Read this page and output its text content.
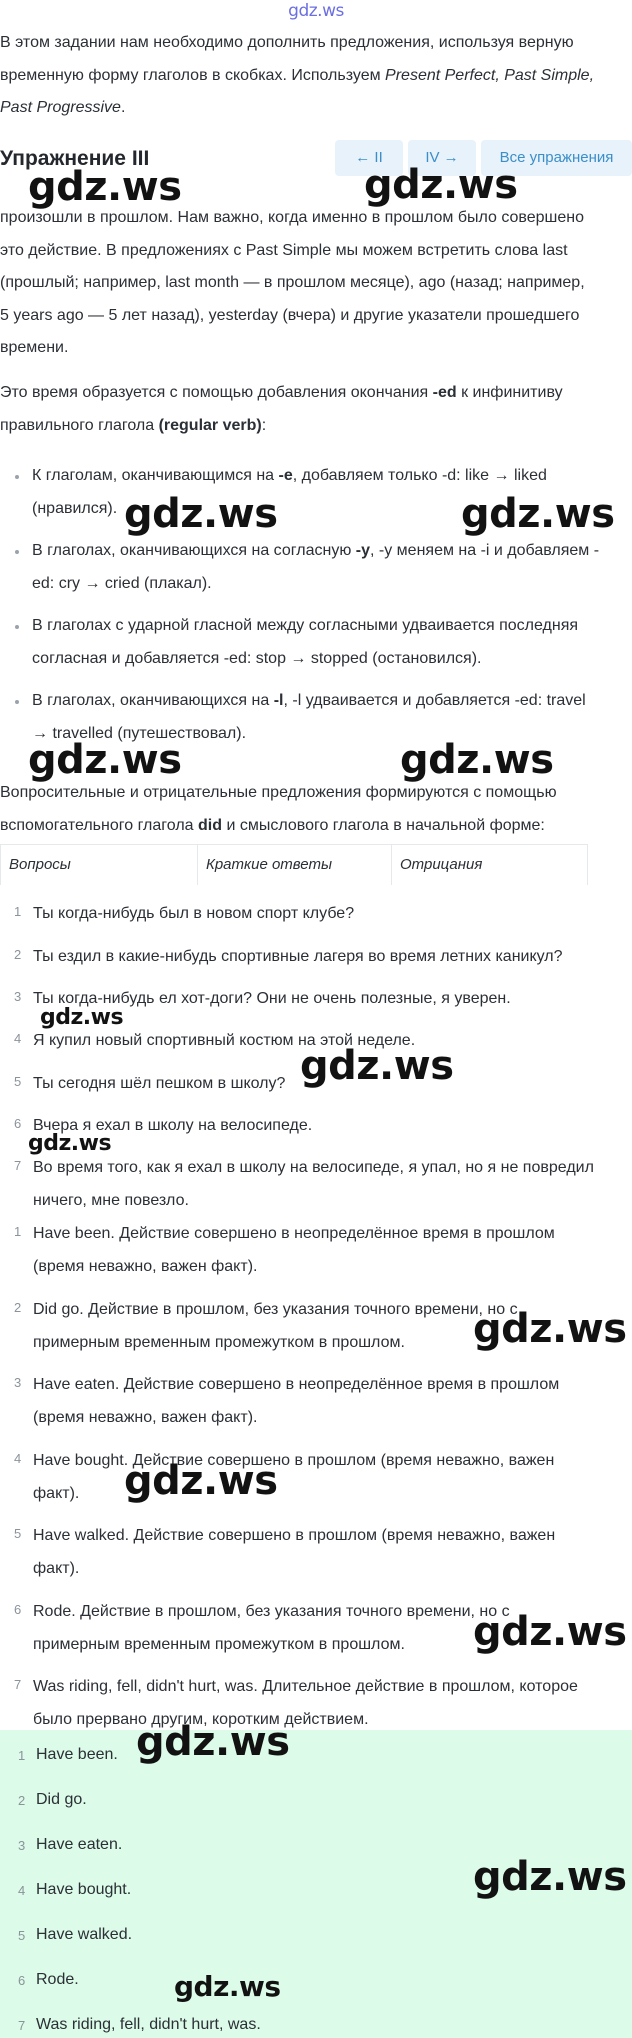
gdz.ws
В этом задании нам необходимо дополнить предложения, используя верную
временную форму глаголов в скобках. Используем Present Perfect, Past Simple,
Past Progressive.
Упражнение III	← II	IV →	Все упражнения
произошли в прошлом. Нам важно, когда именно в прошлом было совершено
это действие. В предложениях с Past Simple мы можем встретить слова last
(прошлый; например, last month — в прошлом месяце), ago (назад; например,
5 years ago — 5 лет назад), yesterday (вчера) и другие указатели прошедшего
времени.
Это время образуется с помощью добавления окончания -ed к инфинитиву
правильного глагола (regular verb):
К глаголам, оканчивающимся на -e, добавляем только -d: like → liked
(нравился).
В глаголах, оканчивающихся на согласную -y, -y меняем на -i и добавляем -
ed: cry → cried (плакал).
В глаголах с ударной гласной между согласными удваивается последняя
согласная и добавляется -ed: stop → stopped (остановился).
В глаголах, оканчивающихся на -l, -l удваивается и добавляется -ed: travel
→ travelled (путешествовал).
Вопросительные и отрицательные предложения формируются с помощью
вспомогательного глагола did и смыслового глагола в начальной форме:
Вопросы	Краткие ответы	Отрицания
1 Ты когда-нибудь был в новом спорт клубе?
2 Ты ездил в какие-нибудь спортивные лагеря во время летних каникул?
3 Ты когда-нибудь ел хот-доги? Они не очень полезные, я уверен.
4 Я купил новый спортивный костюм на этой неделе.
5 Ты сегодня шёл пешком в школу?
6 Вчера я ехал в школу на велосипеде.
7 Во время того, как я ехал в школу на велосипеде, я упал, но я не повредил
ничего, мне повезло.
1 Have been. Действие совершено в неопределённое время в прошлом
(время неважно, важен факт).
2 Did go. Действие в прошлом, без указания точного времени, но с
примерным временным промежутком в прошлом.
3 Have eaten. Действие совершено в неопределённое время в прошлом
(время неважно, важен факт).
4 Have bought. Действие совершено в прошлом (время неважно, важен
факт).
5 Have walked. Действие совершено в прошлом (время неважно, важен
факт).
6 Rode. Действие в прошлом, без указания точного времени, но с
примерным временным промежутком в прошлом.
7 Was riding, fell, didn't hurt, was. Длительное действие в прошлом, которое
было прервано другим, коротким действием.
1 Have been.
2 Did go.
3 Have eaten.
4 Have bought.
5 Have walked.
6 Rode.
7 Was riding, fell, didn't hurt, was.
gdz.ws	gdz.ws
gdz.ws	gdz.ws
gdz.ws	gdz.ws
gdz.ws
gdz.ws
gdz.ws
gdz.ws
gdz.ws
gdz.ws
gdz.ws
gdz.ws
gdz.ws
